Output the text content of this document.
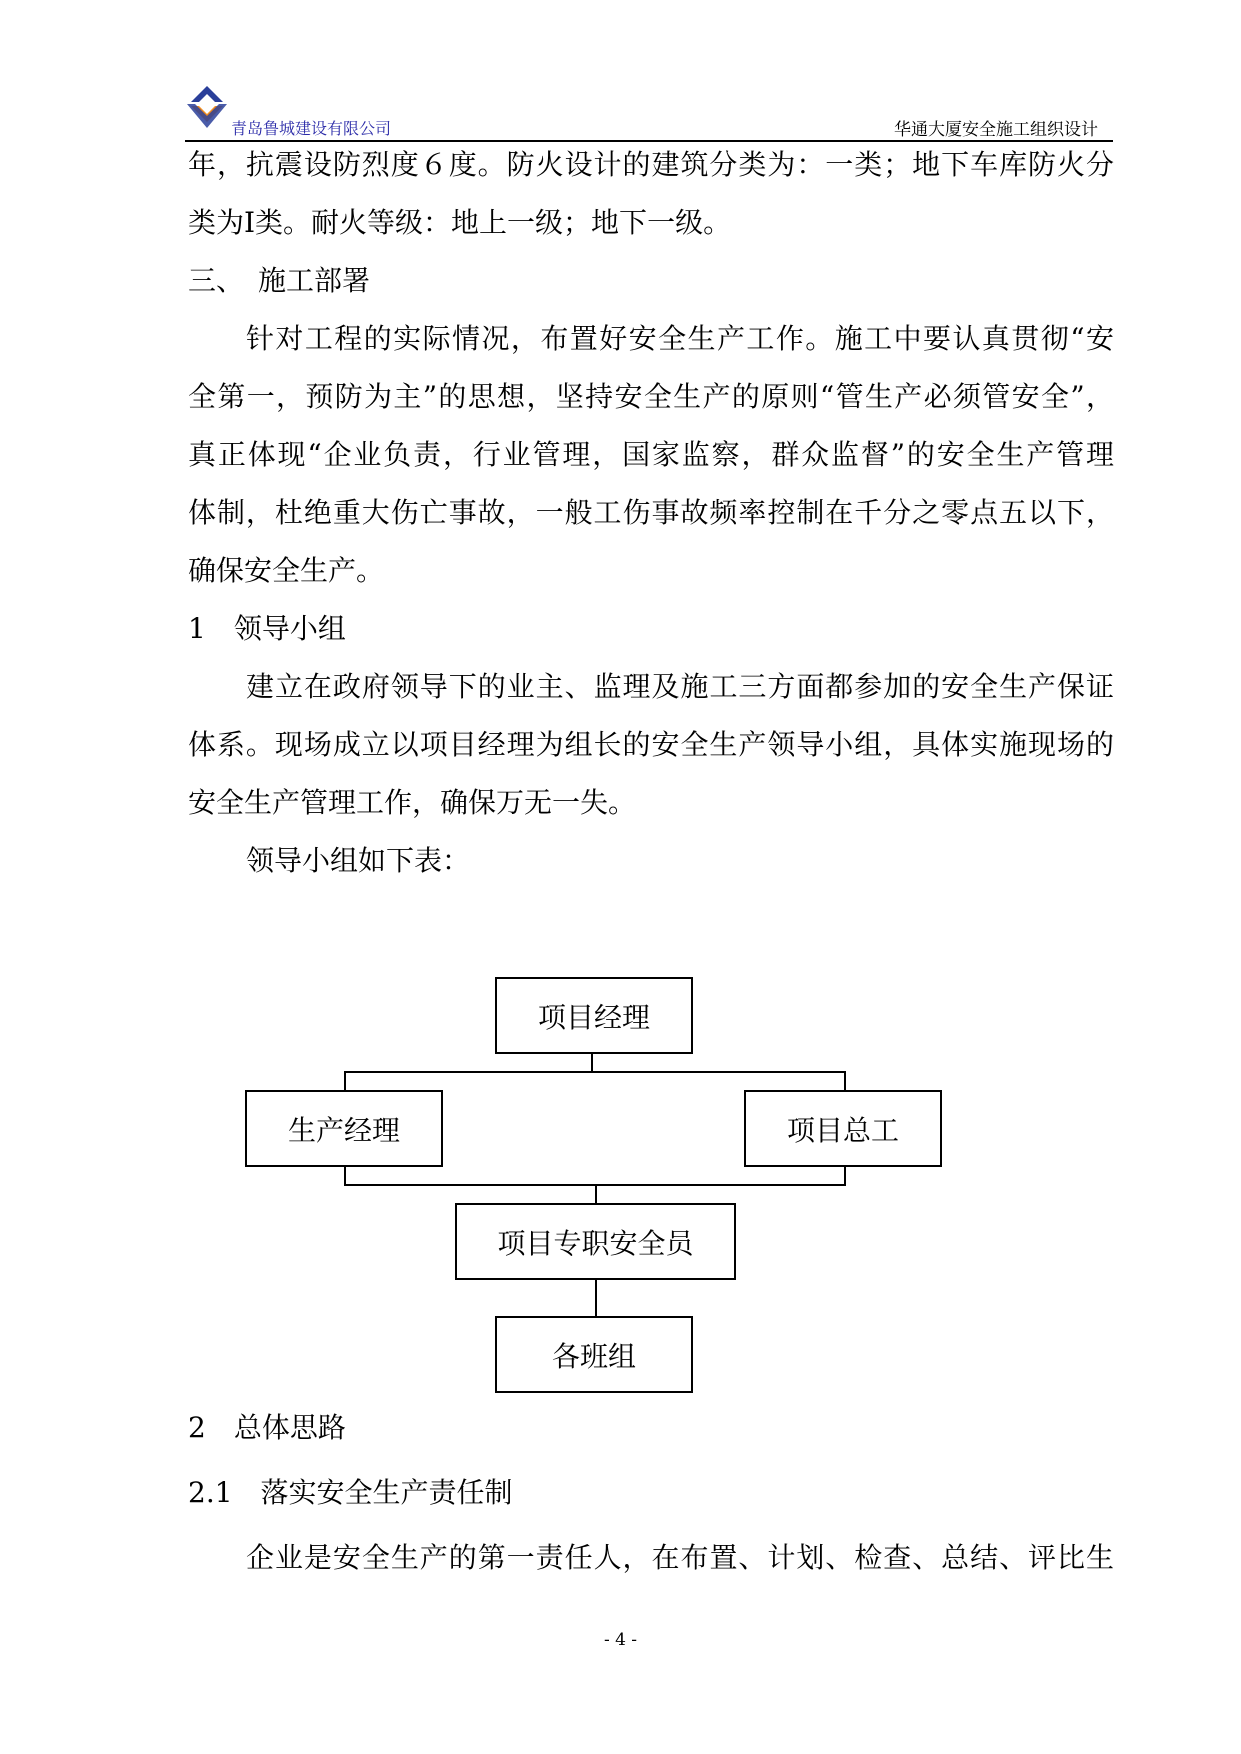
青岛鲁城建设有限公司	华通大厦安全施工组织设计
年，抗震设防烈度６度。防火设计的建筑分类为：一类；地下车库防火分
类为Ⅰ类。耐火等级：地上一级；地下一级。
三、　施工部署
针对工程的实际情况，布置好安全生产工作。施工中要认真贯彻“安
全第一，预防为主”的思想，坚持安全生产的原则“管生产必须管安全”，
真正体现“企业负责，行业管理，国家监察，群众监督”的安全生产管理
体制，杜绝重大伤亡事故，一般工伤事故频率控制在千分之零点五以下，
确保安全生产。
1　领导小组
建立在政府领导下的业主、监理及施工三方面都参加的安全生产保证
体系。现场成立以项目经理为组长的安全生产领导小组，具体实施现场的
安全生产管理工作，确保万无一失。
领导小组如下表：
项目经理
生产经理	项目总工
项目专职安全员
各班组
2　总体思路
2.1　落实安全生产责任制
企业是安全生产的第一责任人，在布置、计划、检查、总结、评比生
- 4 -
